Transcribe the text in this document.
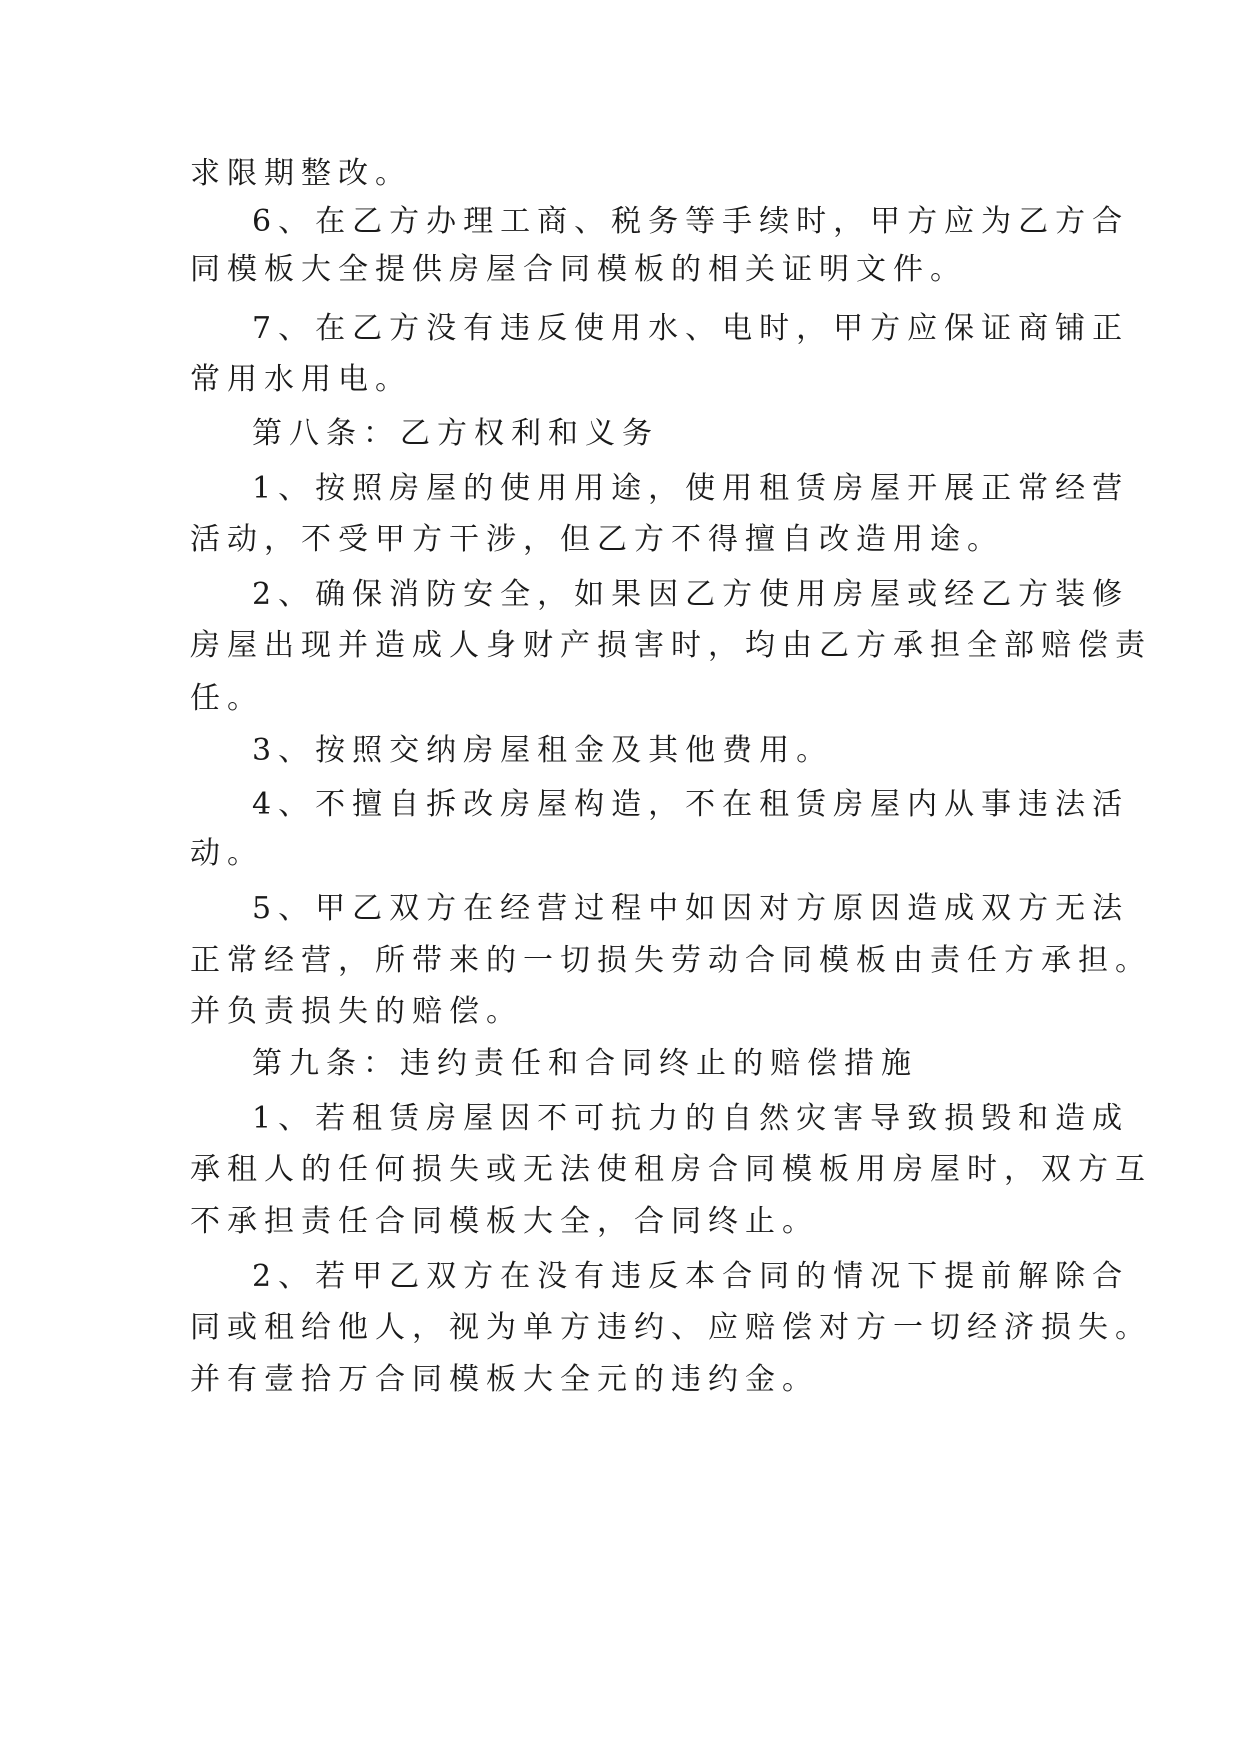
求限期整改。
6、在乙方办理工商、税务等手续时，甲方应为乙方合
同模板大全提供房屋合同模板的相关证明文件。
7、在乙方没有违反使用水、电时，甲方应保证商铺正
常用水用电。
第八条：乙方权利和义务
1、按照房屋的使用用途，使用租赁房屋开展正常经营
活动，不受甲方干涉，但乙方不得擅自改造用途。
2、确保消防安全，如果因乙方使用房屋或经乙方装修
房屋出现并造成人身财产损害时，均由乙方承担全部赔偿责
任。
3、按照交纳房屋租金及其他费用。
4、不擅自拆改房屋构造，不在租赁房屋内从事违法活
动。
5、甲乙双方在经营过程中如因对方原因造成双方无法
正常经营，所带来的一切损失劳动合同模板由责任方承担。
并负责损失的赔偿。
第九条：违约责任和合同终止的赔偿措施
1、若租赁房屋因不可抗力的自然灾害导致损毁和造成
承租人的任何损失或无法使租房合同模板用房屋时，双方互
不承担责任合同模板大全，合同终止。
2、若甲乙双方在没有违反本合同的情况下提前解除合
同或租给他人，视为单方违约、应赔偿对方一切经济损失。
并有壹拾万合同模板大全元的违约金。
